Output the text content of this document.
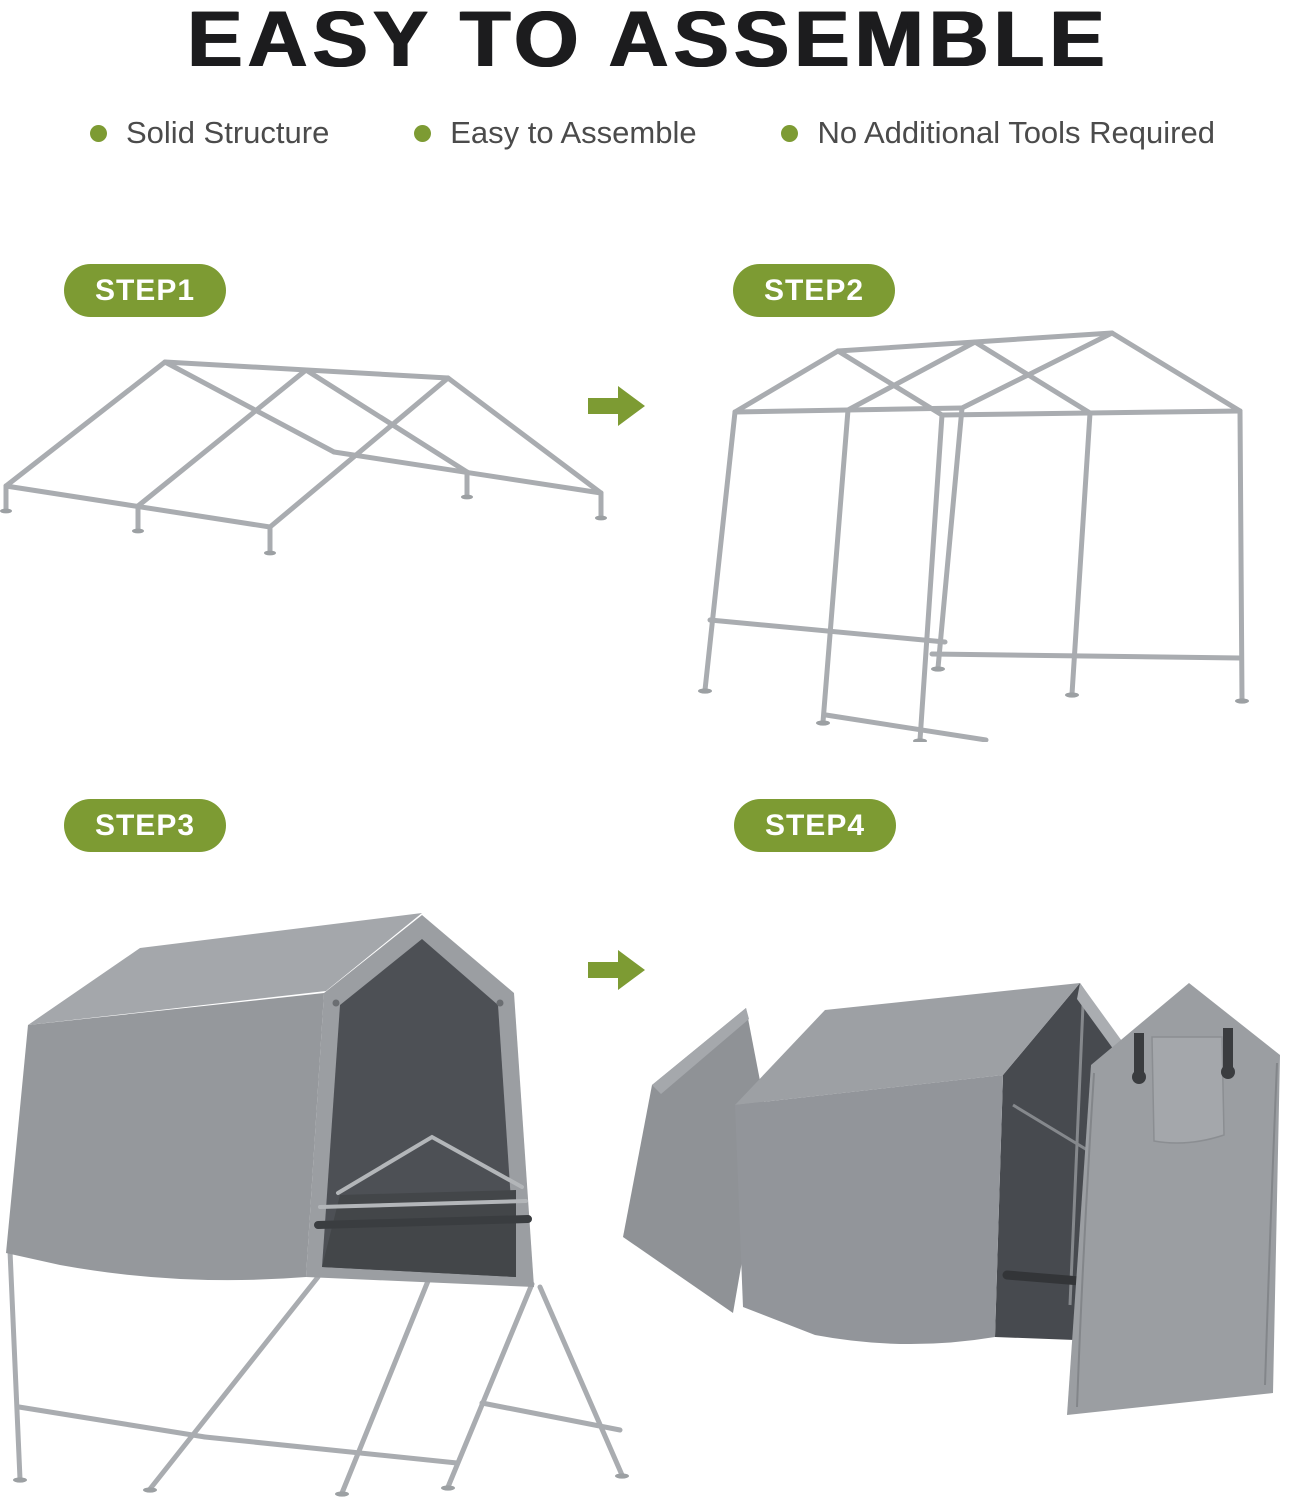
EASY TO ASSEMBLE
Solid Structure	Easy to Assemble	No Additional Tools Required
STEP1	STEP2
STEP3	STEP4
